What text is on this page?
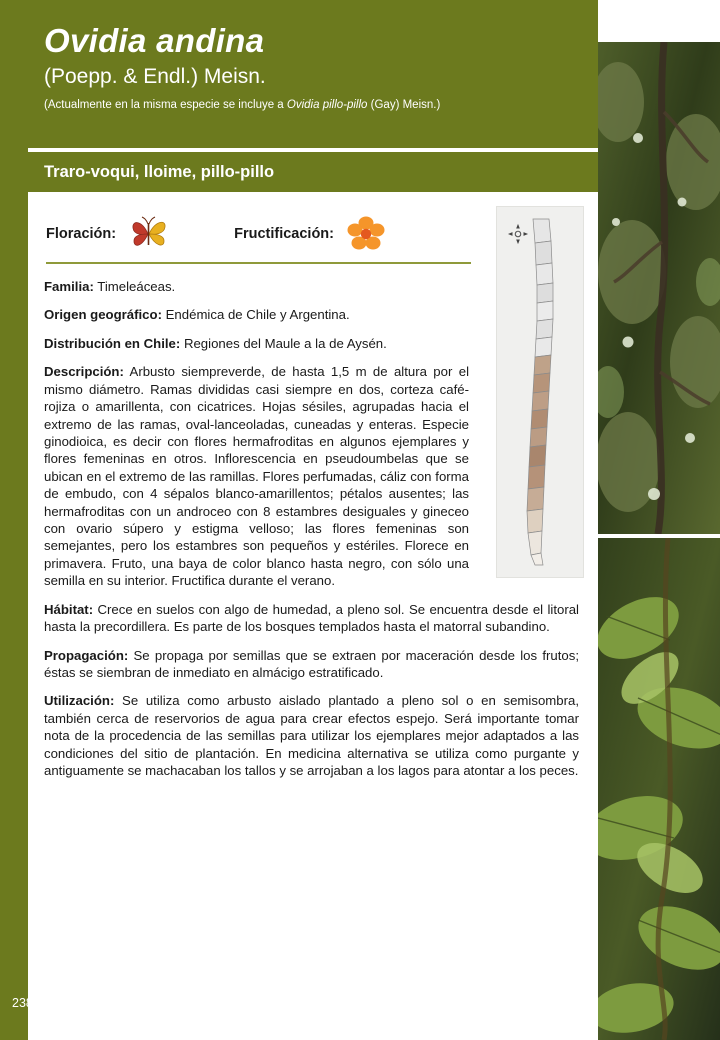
Ovidia andina
(Poepp. & Endl.) Meisn.
(Actualmente en la misma especie se incluye a Ovidia pillo-pillo (Gay) Meisn.)
Traro-voqui, lloime, pillo-pillo
Floración:	Fructificación:

Familia: Timeleáceas.

Origen geográfico: Endémica de Chile y Argentina.

Distribución en Chile: Regiones del Maule a la de Aysén.

Descripción: Arbusto siempreverde, de hasta 1,5 m de altura por el mismo diámetro. Ramas divididas casi siempre en dos, corteza café-rojiza o amarillenta, con cicatrices. Hojas sésiles, agrupadas hacia el extremo de las ramas, oval-lanceoladas, cuneadas y enteras. Especie ginodioica, es decir con flores hermafroditas en algunos ejemplares y flores femeninas en otros. Inflorescencia en pseudoumbelas que se ubican en el extremo de las ramillas. Flores perfumadas, cáliz con forma de embudo, con 4 sépalos blanco-amarillentos; pétalos ausentes; las hermafroditas con un androceo con 8 estambres desiguales y gineceo con ovario súpero y estigma velloso; las flores femeninas son semejantes, pero los estambres son pequeños y estériles. Florece en primavera. Fruto, una baya de color blanco hasta negro, con sólo una semilla en su interior. Fructifica durante el verano.

Hábitat: Crece en suelos con algo de humedad, a pleno sol. Se encuentra desde el litoral hasta la precordillera. Es parte de los bosques templados hasta el matorral subandino.

Propagación: Se propaga por semillas que se extraen por maceración desde los frutos; éstas se siembran de inmediato en almácigo estratificado.

Utilización: Se utiliza como arbusto aislado plantado a pleno sol o en semisombra, también cerca de reservorios de agua para crear efectos espejo. Será importante tomar nota de la procedencia de las semillas para utilizar los ejemplares mejor adaptados a las condiciones del sitio de plantación. En medicina alternativa se utiliza como purgante y antiguamente se machacaban los tallos y se arrojaban a los lagos para atontar a los peces.

238
